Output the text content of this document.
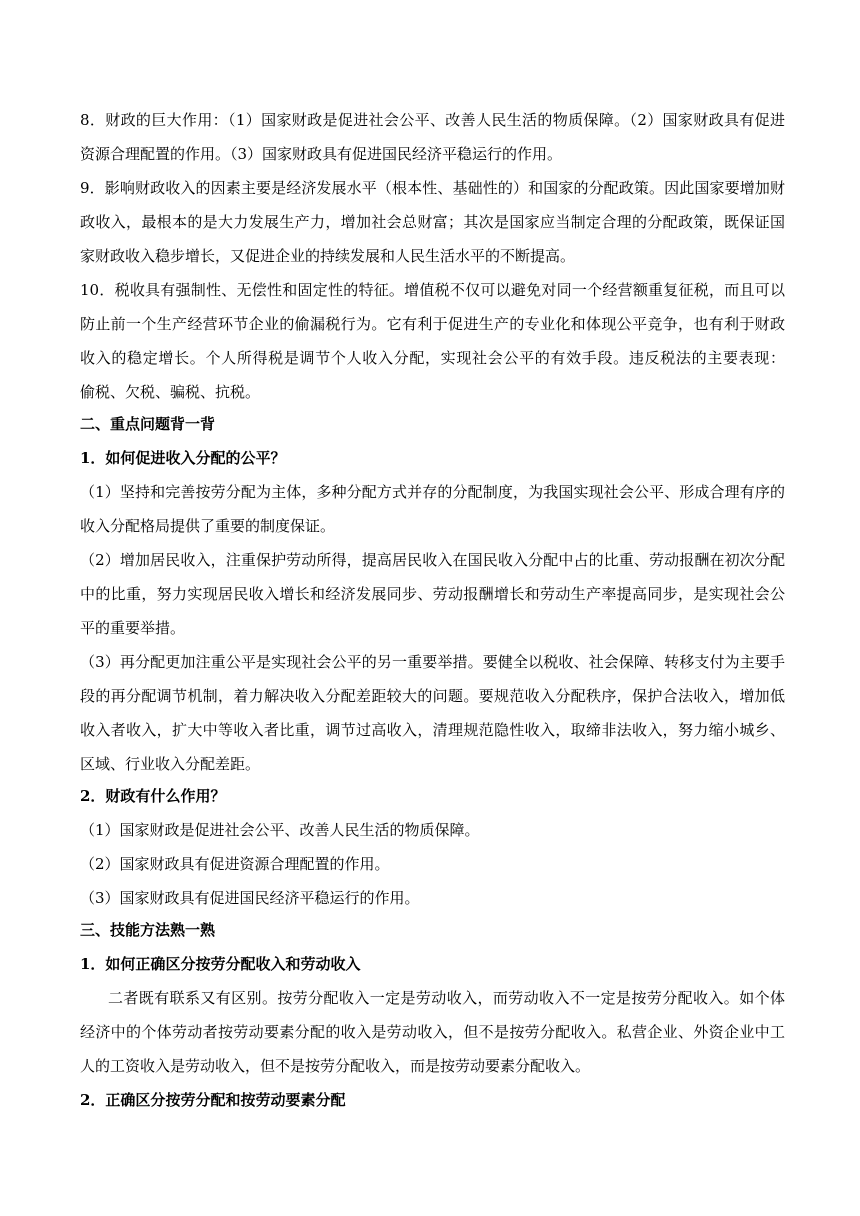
8．财政的巨大作用：（1）国家财政是促进社会公平、改善人民生活的物质保障。（2）国家财政具有促进
资源合理配置的作用。（3）国家财政具有促进国民经济平稳运行的作用。
9．影响财政收入的因素主要是经济发展水平（根本性、基础性的）和国家的分配政策。因此国家要增加财
政收入，最根本的是大力发展生产力，增加社会总财富；其次是国家应当制定合理的分配政策，既保证国
家财政收入稳步增长，又促进企业的持续发展和人民生活水平的不断提高。
10．税收具有强制性、无偿性和固定性的特征。增值税不仅可以避免对同一个经营额重复征税，而且可以
防止前一个生产经营环节企业的偷漏税行为。它有利于促进生产的专业化和体现公平竞争，也有利于财政
收入的稳定增长。个人所得税是调节个人收入分配，实现社会公平的有效手段。违反税法的主要表现：
偷税、欠税、骗税、抗税。
二、重点问题背一背
1．如何促进收入分配的公平？
（1）坚持和完善按劳分配为主体，多种分配方式并存的分配制度，为我国实现社会公平、形成合理有序的
收入分配格局提供了重要的制度保证。
（2）增加居民收入，注重保护劳动所得，提高居民收入在国民收入分配中占的比重、劳动报酬在初次分配
中的比重，努力实现居民收入增长和经济发展同步、劳动报酬增长和劳动生产率提高同步，是实现社会公
平的重要举措。
（3）再分配更加注重公平是实现社会公平的另一重要举措。要健全以税收、社会保障、转移支付为主要手
段的再分配调节机制，着力解决收入分配差距较大的问题。要规范收入分配秩序，保护合法收入，增加低
收入者收入，扩大中等收入者比重，调节过高收入，清理规范隐性收入，取缔非法收入，努力缩小城乡、
区域、行业收入分配差距。
2．财政有什么作用？
（1）国家财政是促进社会公平、改善人民生活的物质保障。
（2）国家财政具有促进资源合理配置的作用。
（3）国家财政具有促进国民经济平稳运行的作用。
三、技能方法熟一熟
1．如何正确区分按劳分配收入和劳动收入
二者既有联系又有区别。按劳分配收入一定是劳动收入，而劳动收入不一定是按劳分配收入。如个体
经济中的个体劳动者按劳动要素分配的收入是劳动收入，但不是按劳分配收入。私营企业、外资企业中工
人的工资收入是劳动收入，但不是按劳分配收入，而是按劳动要素分配收入。
2．正确区分按劳分配和按劳动要素分配
